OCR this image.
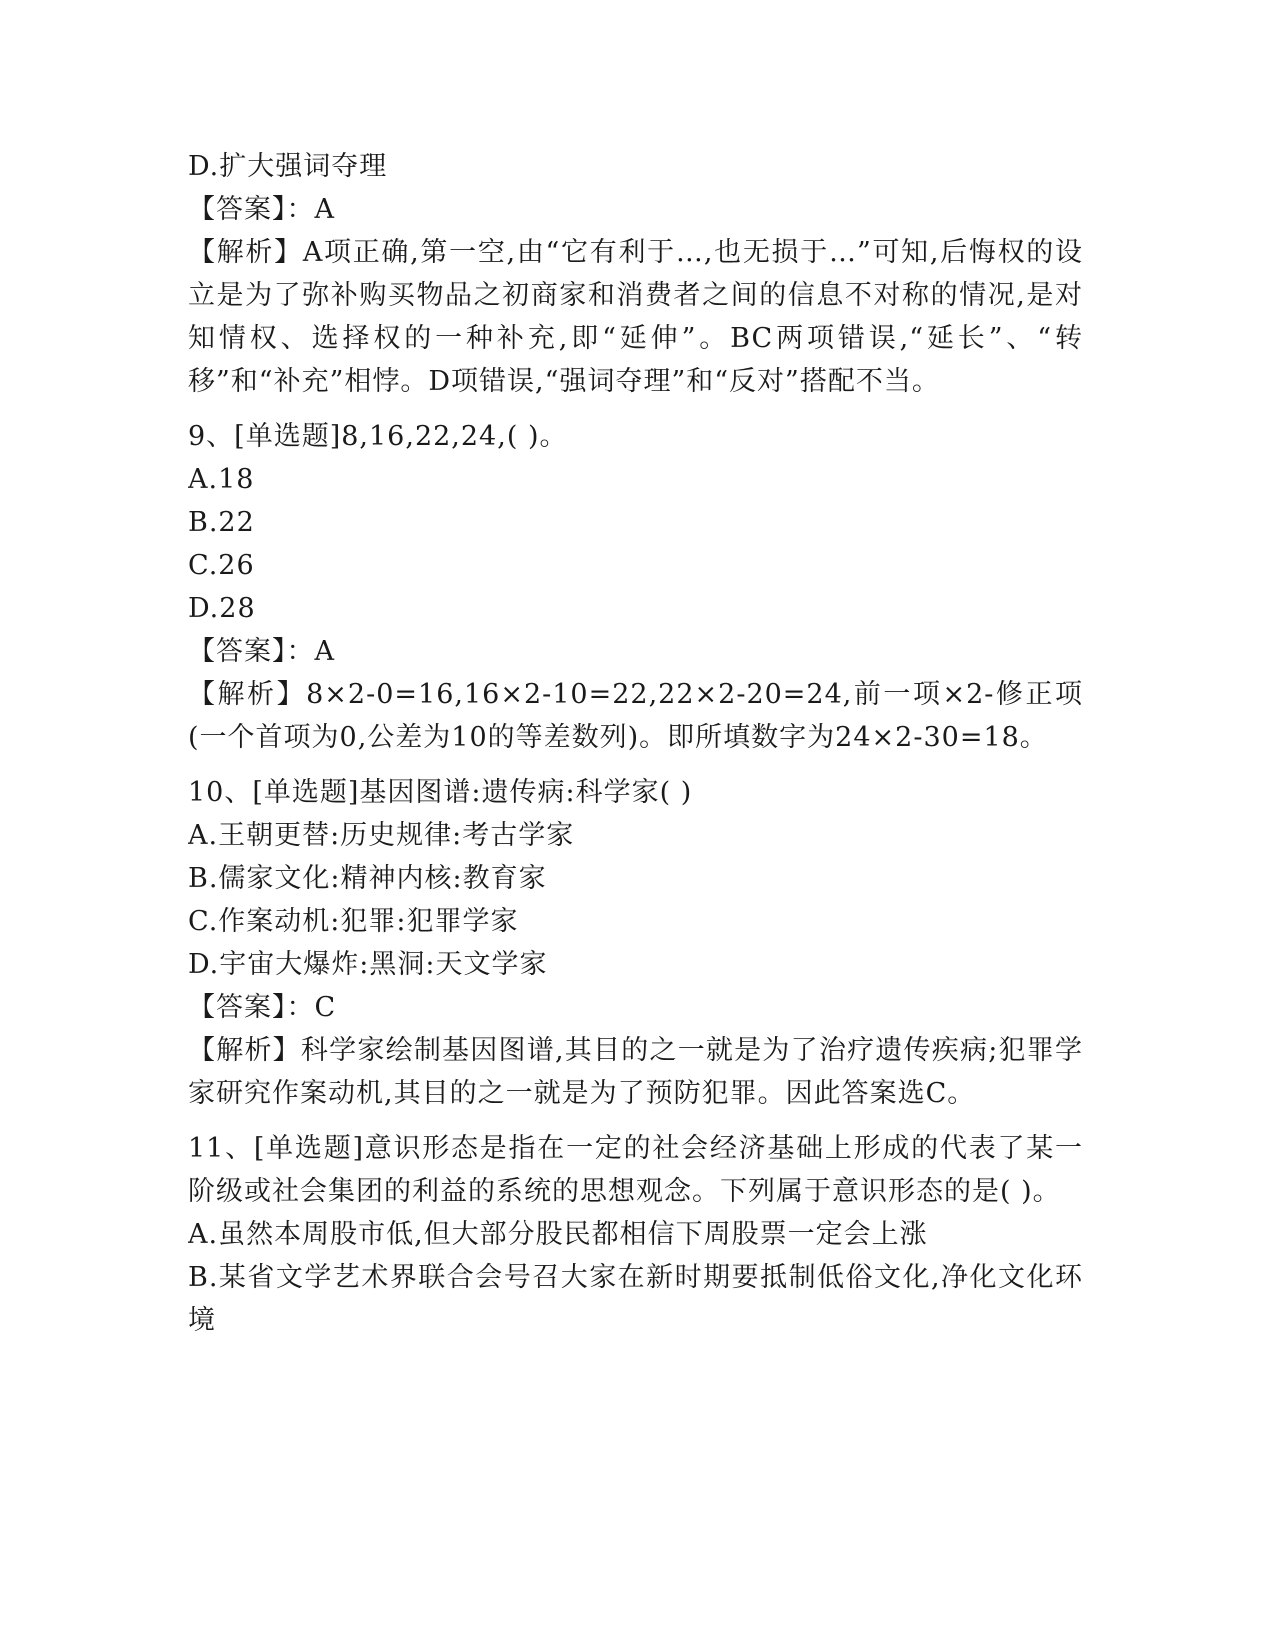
D.扩大强词夺理
【答案】：A
【解析】A项正确,第一空,由“它有利于…,也无损于…”可知,后悔权的设立是为了弥补购买物品之初商家和消费者之间的信息不对称的情况,是对知情权、选择权的一种补充,即“延伸”。BC两项错误,“延长”、“转移”和“补充”相悖。D项错误,“强词夺理”和“反对”搭配不当。
9、[单选题]8,16,22,24,( )。
A.18
B.22
C.26
D.28
【答案】：A
【解析】8×2-0=16,16×2-10=22,22×2-20=24,前一项×2-修正项(一个首项为0,公差为10的等差数列)。即所填数字为24×2-30=18。
10、[单选题]基因图谱:遗传病:科学家( )
A.王朝更替:历史规律:考古学家
B.儒家文化:精神内核:教育家
C.作案动机:犯罪:犯罪学家
D.宇宙大爆炸:黑洞:天文学家
【答案】：C
【解析】科学家绘制基因图谱,其目的之一就是为了治疗遗传疾病;犯罪学家研究作案动机,其目的之一就是为了预防犯罪。因此答案选C。
11、[单选题]意识形态是指在一定的社会经济基础上形成的代表了某一阶级或社会集团的利益的系统的思想观念。下列属于意识形态的是( )。
A.虽然本周股市低,但大部分股民都相信下周股票一定会上涨
B.某省文学艺术界联合会号召大家在新时期要抵制低俗文化,净化文化环境
